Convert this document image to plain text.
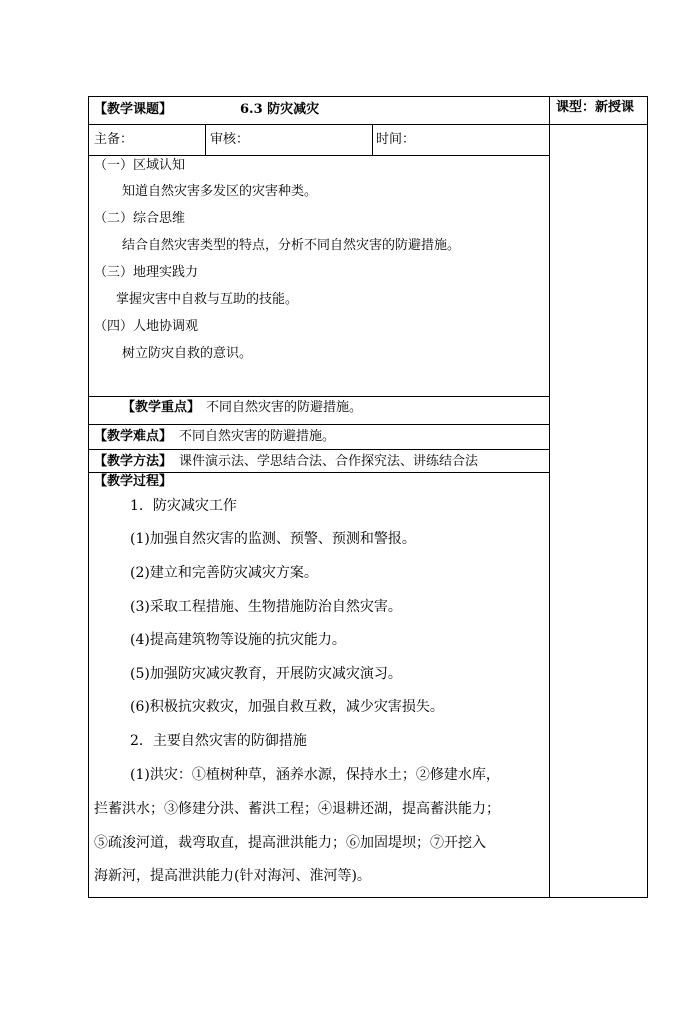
【教学课题】	6.3 防灾减灾	课型：新授课
主备：	审核：	时间：
（一）区域认知
知道自然灾害多发区的灾害种类。
（二）综合思维
结合自然灾害类型的特点，分析不同自然灾害的防避措施。
（三）地理实践力
掌握灾害中自救与互助的技能。
（四）人地协调观
树立防灾自救的意识。
【教学重点】 不同自然灾害的防避措施。
【教学难点】 不同自然灾害的防避措施。
【教学方法】 课件演示法、学思结合法、合作探究法、讲练结合法
【教学过程】
1．防灾减灾工作
(1)加强自然灾害的监测、预警、预测和警报。
(2)建立和完善防灾减灾方案。
(3)采取工程措施、生物措施防治自然灾害。
(4)提高建筑物等设施的抗灾能力。
(5)加强防灾减灾教育，开展防灾减灾演习。
(6)积极抗灾救灾，加强自救互救，减少灾害损失。
2．主要自然灾害的防御措施
(1)洪灾：①植树种草，涵养水源，保持水土；②修建水库，
拦蓄洪水；③修建分洪、蓄洪工程；④退耕还湖，提高蓄洪能力；
⑤疏浚河道，裁弯取直，提高泄洪能力；⑥加固堤坝；⑦开挖入
海新河，提高泄洪能力(针对海河、淮河等)。
